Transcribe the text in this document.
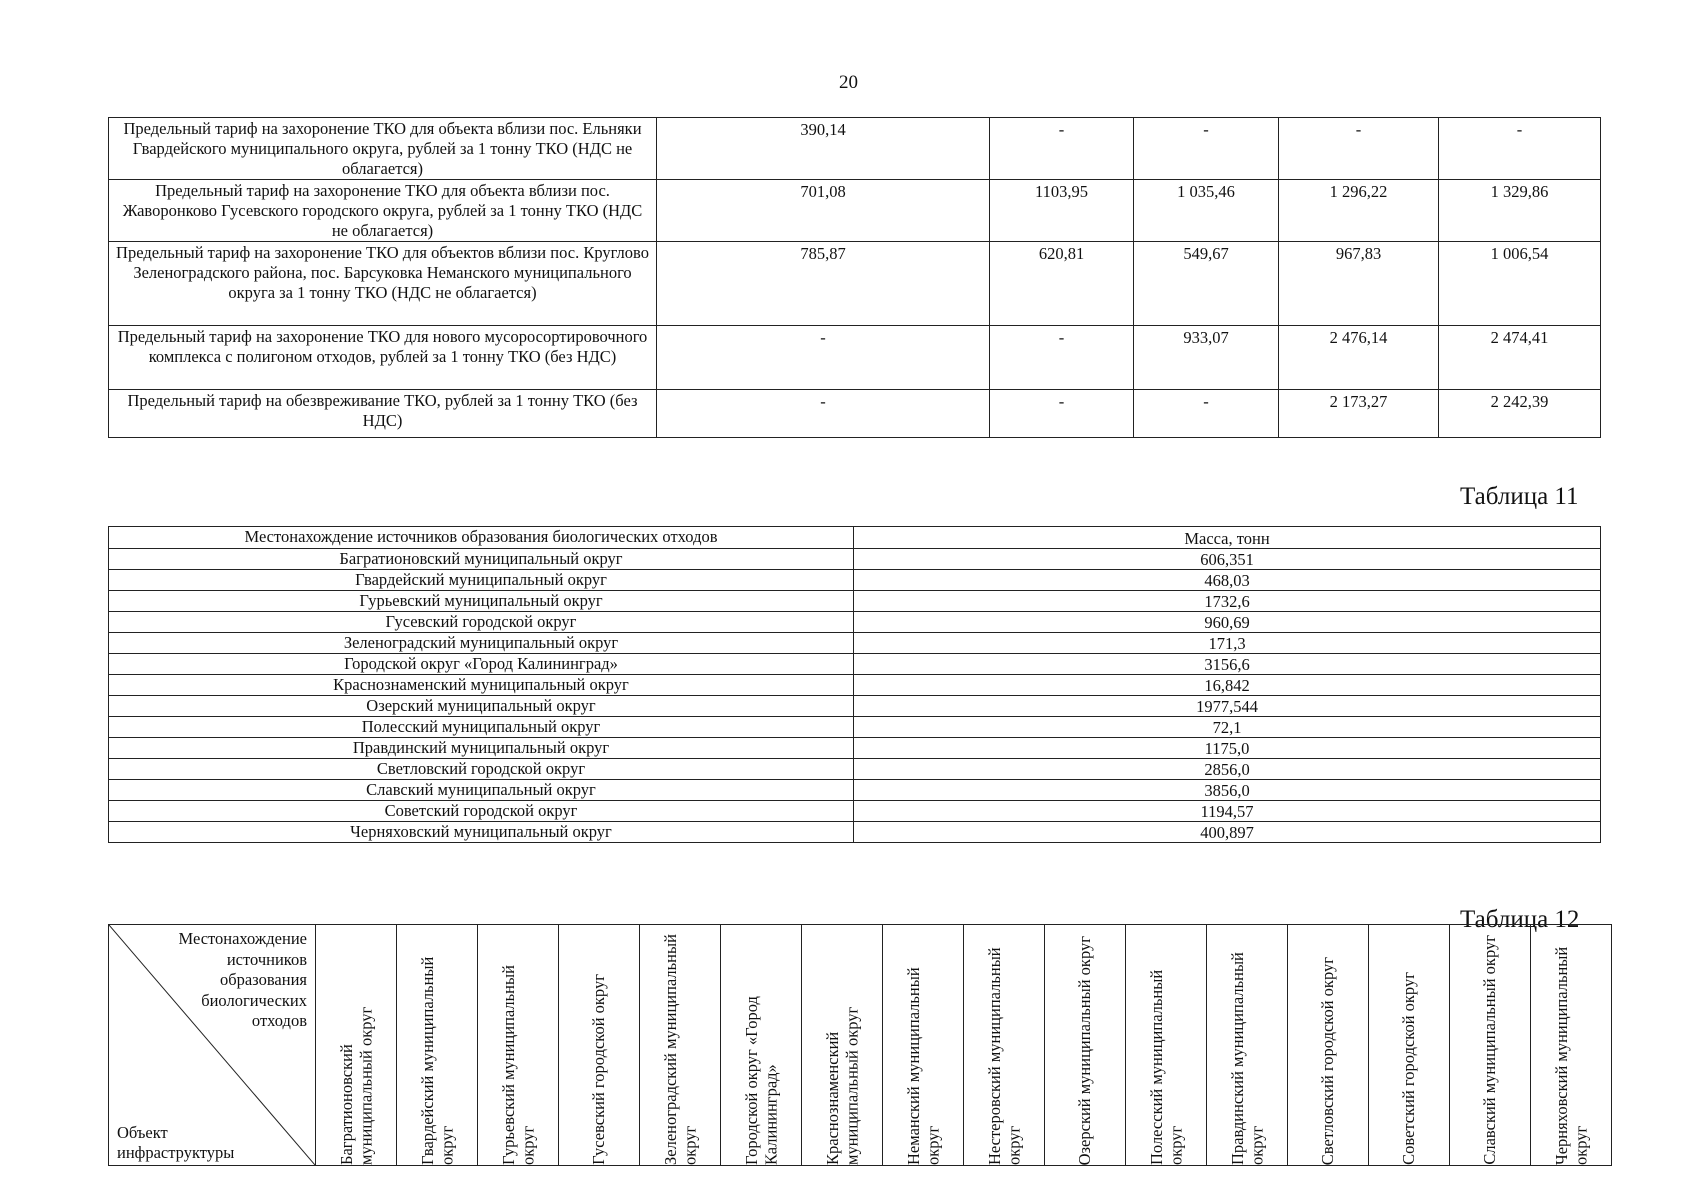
20
Предельный тариф на захоронение ТКО для объекта вблизи пос. Ельняки Гвардейского муниципального округа, рублей за 1 тонну ТКО (НДС не облагается)	390,14	-	-	-	-
Предельный тариф на захоронение ТКО для объекта вблизи пос. Жаворонково Гусевского городского округа, рублей за 1 тонну ТКО (НДС не облагается)	701,08	1103,95	1 035,46	1 296,22	1 329,86
Предельный тариф на захоронение ТКО для объектов вблизи пос. Круглово Зеленоградского района, пос. Барсуковка Неманского муниципального округа за 1 тонну ТКО (НДС не облагается)	785,87	620,81	549,67	967,83	1 006,54
Предельный тариф на захоронение ТКО для нового мусоросортировочного комплекса с полигоном отходов, рублей за 1 тонну ТКО (без НДС)	-	-	933,07	2 476,14	2 474,41
Предельный тариф на обезвреживание ТКО, рублей за 1 тонну ТКО (без НДС)	-	-	-	2 173,27	2 242,39
Таблица 11
Местонахождение источников образования биологических отходов	Масса, тонн
Багратионовский муниципальный округ	606,351
Гвардейский муниципальный округ	468,03
Гурьевский муниципальный округ	1732,6
Гусевский городской округ	960,69
Зеленоградский муниципальный округ	171,3
Городской округ «Город Калининград»	3156,6
Краснознаменский муниципальный округ	16,842
Озерский муниципальный округ	1977,544
Полесский муниципальный округ	72,1
Правдинский муниципальный округ	1175,0
Светловский городской округ	2856,0
Славский муниципальный округ	3856,0
Советский городской округ	1194,57
Черняховский муниципальный округ	400,897
Таблица 12
Местонахождение
источников
образования
биологических
отходов
Объект
инфраструктуры	Багратионовский муниципальный округ	Гвардейский муниципальный округ	Гурьевский муниципальный округ	Гусевский городской округ	Зеленоградский муниципальный округ	Городской округ «Город Калининград»	Краснознаменский муниципальный округ	Неманский муниципальный округ	Нестеровский муниципальный округ	Озерский муниципальный округ	Полесский муниципальный округ	Правдинский муниципальный округ	Светловский городской округ	Советский городской округ	Славский муниципальный округ	Черняховский муниципальный округ
